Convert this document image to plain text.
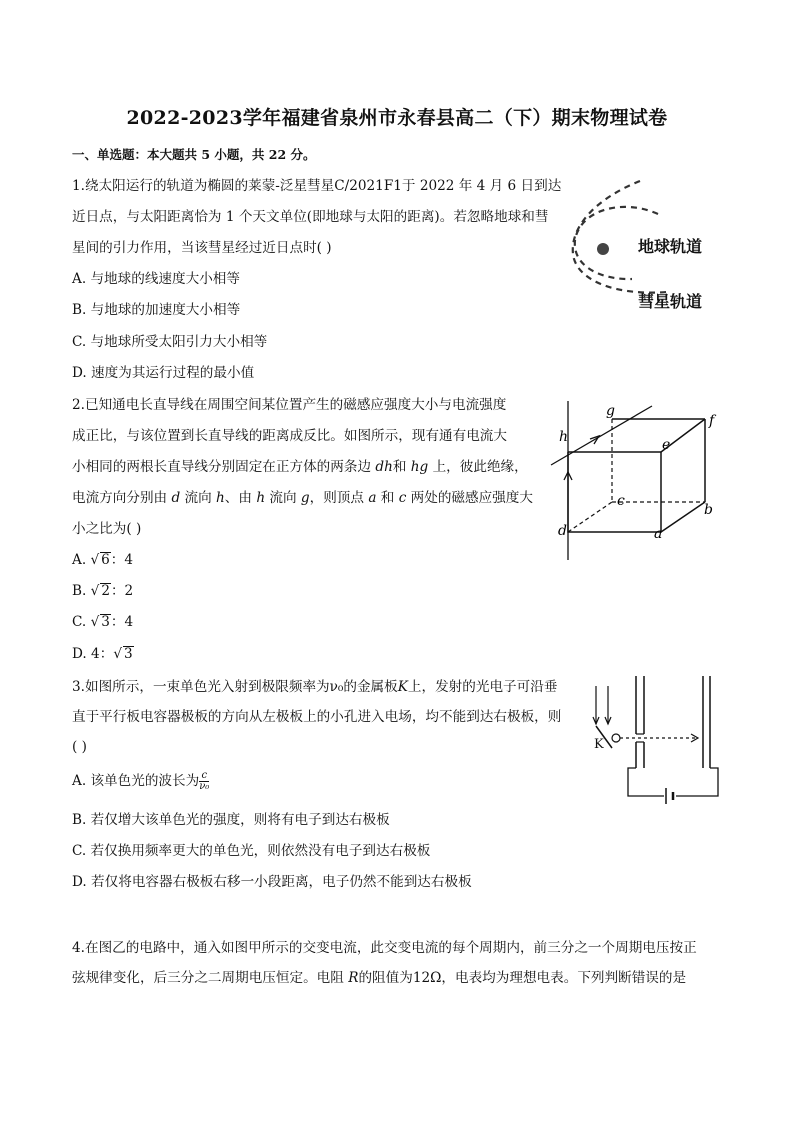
2022-2023学年福建省泉州市永春县高二（下）期末物理试卷
一、单选题：本大题共 5 小题，共 22 分。
1.绕太阳运行的轨道为椭圆的莱蒙-泛星彗星C/2021F1于 2022 年 4 月 6 日到达
近日点，与太阳距离恰为 1 个天文单位(即地球与太阳的距离)。若忽略地球和彗
星间的引力作用，当该彗星经过近日点时( )
A. 与地球的线速度大小相等
B. 与地球的加速度大小相等
C. 与地球所受太阳引力大小相等
D. 速度为其运行过程的最小值
地球轨道
彗星轨道
2.已知通电长直导线在周围空间某位置产生的磁感应强度大小与电流强度
成正比，与该位置到长直导线的距离成反比。如图所示，现有通有电流大
小相同的两根长直导线分别固定在正方体的两条边 dh和 hg 上，彼此绝缘，
电流方向分别由 d 流向 h、由 h 流向 g，则顶点 a 和 c 两处的磁感应强度大
小之比为( )
A. √ 6：4
B. √ 2：2
C. √ 3：4
D. 4：√ 3
g
f
h	e
c
b
d	a
3.如图所示，一束单色光入射到极限频率为ν₀的金属板K上，发射的光电子可沿垂
直于平行板电容器极板的方向从左极板上的小孔进入电场，均不能到达右极板，则
( )
A. 该单色光的波长为 $\frac{c}{\text{ν₀}}$
B. 若仅增大该单色光的强度，则将有电子到达右极板
C. 若仅换用频率更大的单色光，则依然没有电子到达右极板
D. 若仅将电容器右极板右移一小段距离，电子仍然不能到达右极板
K
4.在图乙的电路中，通入如图甲所示的交变电流，此交变电流的每个周期内，前三分之一个周期电压按正
弦规律变化，后三分之二周期电压恒定。电阻 R的阻值为12Ω，电表均为理想电表。下列判断错误的是
